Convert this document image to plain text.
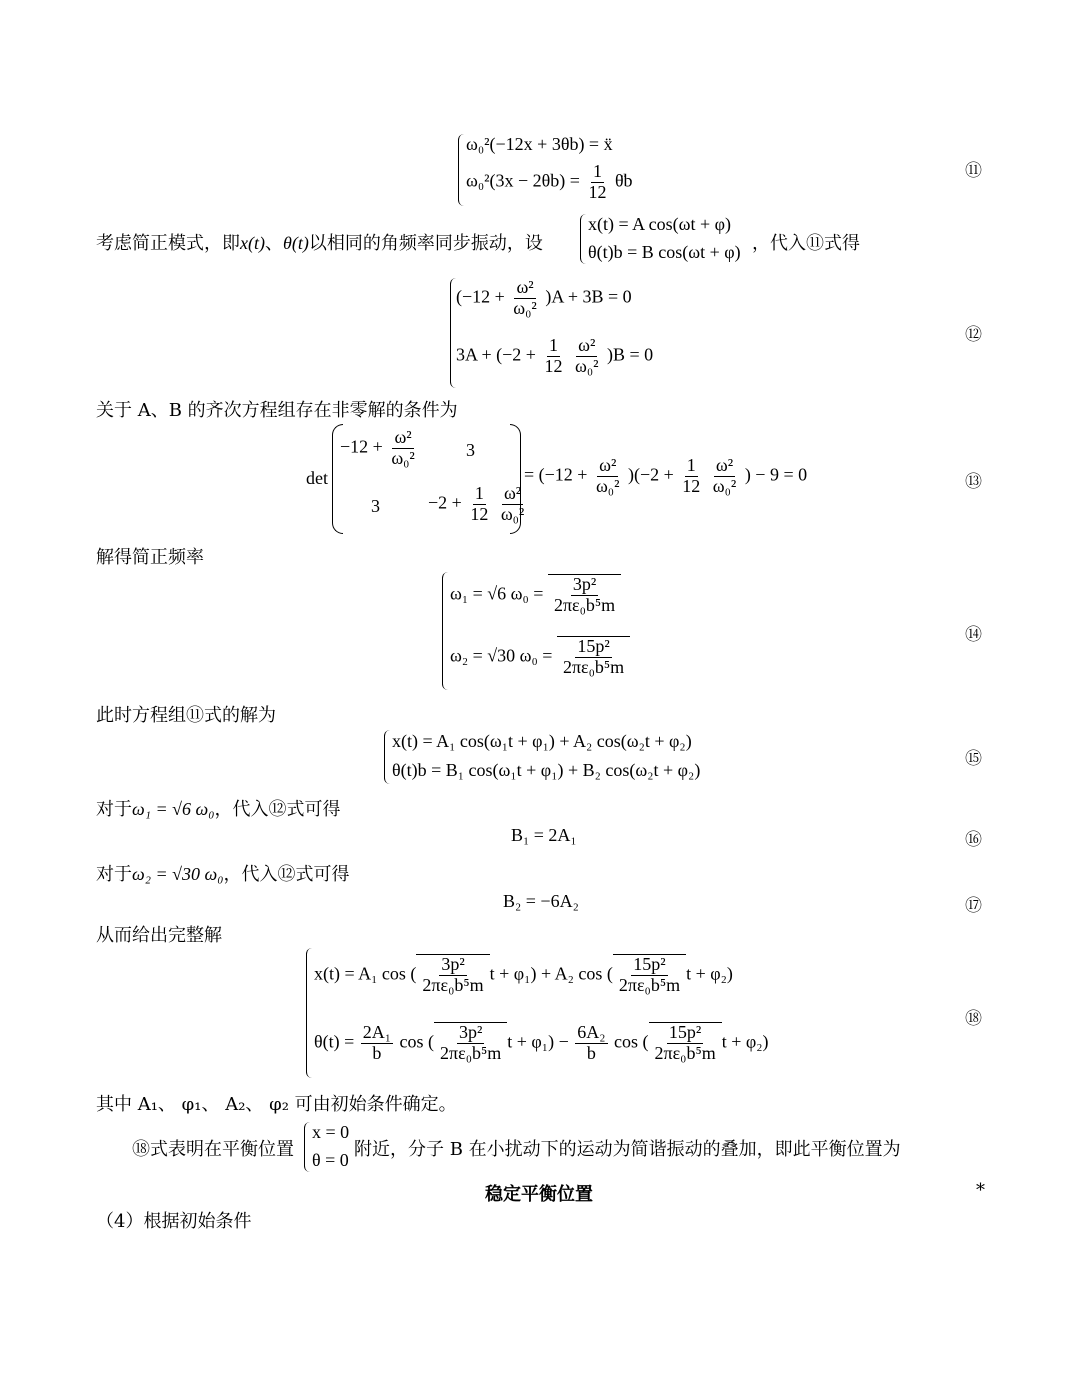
ω₀²(−12x + 3θb) = ẍ
$\omega_0^2(3x - 2\theta b) = \frac{1}{12}$ θ̈b	⑪
考虑简正模式，即x(t)、θ(t)以相同的角频率同步振动，设
x(t) = A cos(ωt + φ)
θ(t)b = B cos(ωt + φ) ，代入⑪式得
$(-12 + \frac{\text{ω²}}{\text{ω₀²}} )A + 3B = 0$
$3A + (-2 + \frac{1}{12}$
$\frac{\text{ω²}}{\text{ω₀²}} )B = 0$
⑫
关于 A、B 的齐次方程组存在非零解的条件为
det
$-12 + \frac{\text{ω²}}{\text{ω₀²}}$	3
3	$-2 + \frac{1}{12}$
$\frac{\text{ω²}}{\text{ω₀²}}$
= $(-12 + \frac{\text{ω²}}{\text{ω₀²}} )(-2 + \frac{1}{12}$
$\frac{\text{ω²}}{\text{ω₀²}}$ ) − 9 = 0	⑬
解得简正频率
ω₁ = √6 $\omega_0 = \frac{\text{3p²}}{\text{2πε₀b⁵m}}$
ω₂ = √30 $\omega_0 = \frac{\text{15p²}}{\text{2πε₀b⁵m}}$
⑭
此时方程组⑪式的解为
x(t) = A₁ cos(ω₁t + φ₁) + A₂ cos(ω₂t + φ₂)
θ(t)b = B₁ cos(ω₁t + φ₁) + B₂ cos(ω₂t + φ₂)
⑮
对于ω₁ = √6 ω₀，代入⑫式可得
B₁ = 2A₁	⑯
对于ω₂ = √30 ω₀，代入⑫式可得
B₂ = −6A₂	⑰
从而给出完整解
x(t) = A₁ cos ( $\frac{\text{3p²}}{\text{2πε₀b⁵m}}$ t + φ₁) + A₂ cos ( $\frac{\text{15p²}}{\text{2πε₀b⁵m}}$ t + φ₂)
$\theta(t) = \frac{\text{2A₁}}{b}$ cos ( $\frac{\text{3p²}}{\text{2πε₀b⁵m}}$ $t + \varphi_1) - \frac{\text{6A₂}}{b}$ cos ( $\frac{\text{15p²}}{\text{2πε₀b⁵m}}$ t + φ₂)
⑱
其中 A₁、 φ₁、 A₂、 φ₂ 可由初始条件确定。
⑱式表明在平衡位置
x = 0
θ = 0 附近，分子 B 在小扰动下的运动为简谐振动的叠加，即此平衡位置为
稳定平衡位置	*
（4）根据初始条件
